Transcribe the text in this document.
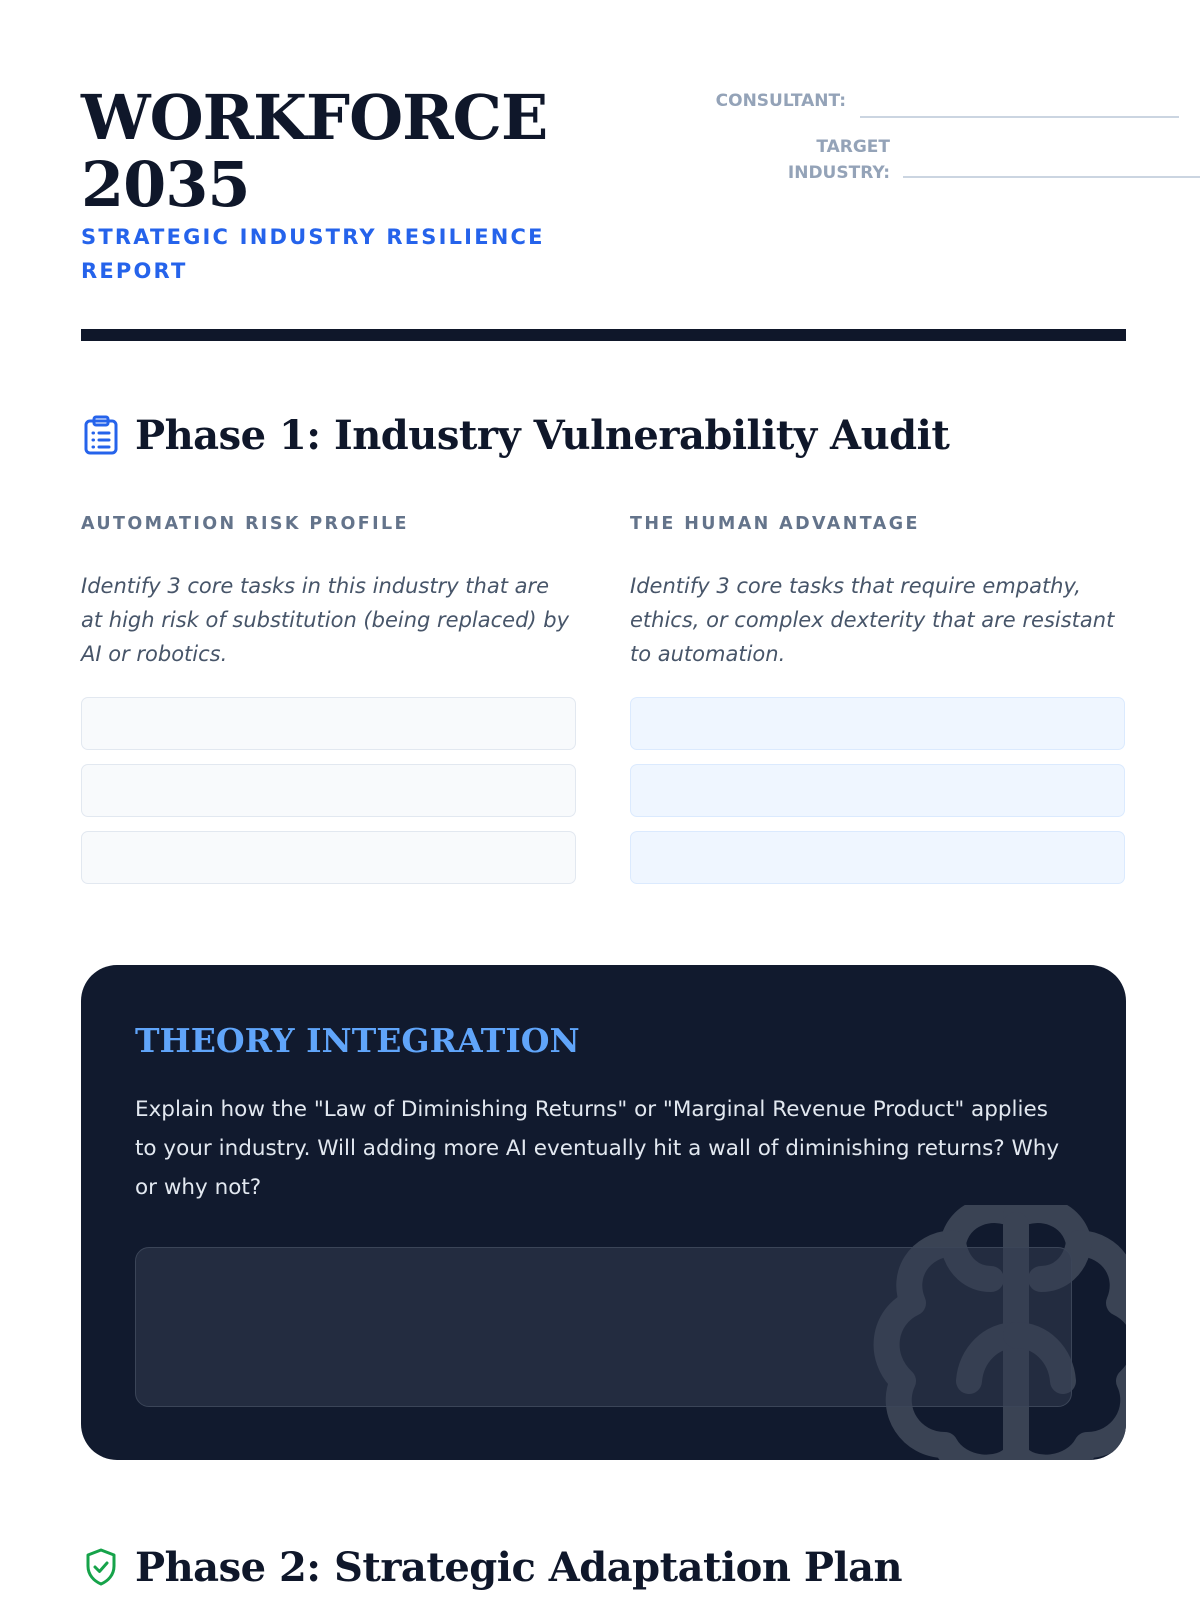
WORKFORCE 2035
STRATEGIC INDUSTRY RESILIENCE REPORT
CONSULTANT:
TARGET
INDUSTRY:
Phase 1: Industry Vulnerability Audit
AUTOMATION RISK PROFILE
Identify 3 core tasks in this industry that are at high risk of substitution (being replaced) by AI or robotics.
THE HUMAN ADVANTAGE
Identify 3 core tasks that require empathy, ethics, or complex dexterity that are resistant to automation.
THEORY INTEGRATION
Explain how the "Law of Diminishing Returns" or "Marginal Revenue Product" applies to your industry. Will adding more AI eventually hit a wall of diminishing returns? Why or why not?
Phase 2: Strategic Adaptation Plan
